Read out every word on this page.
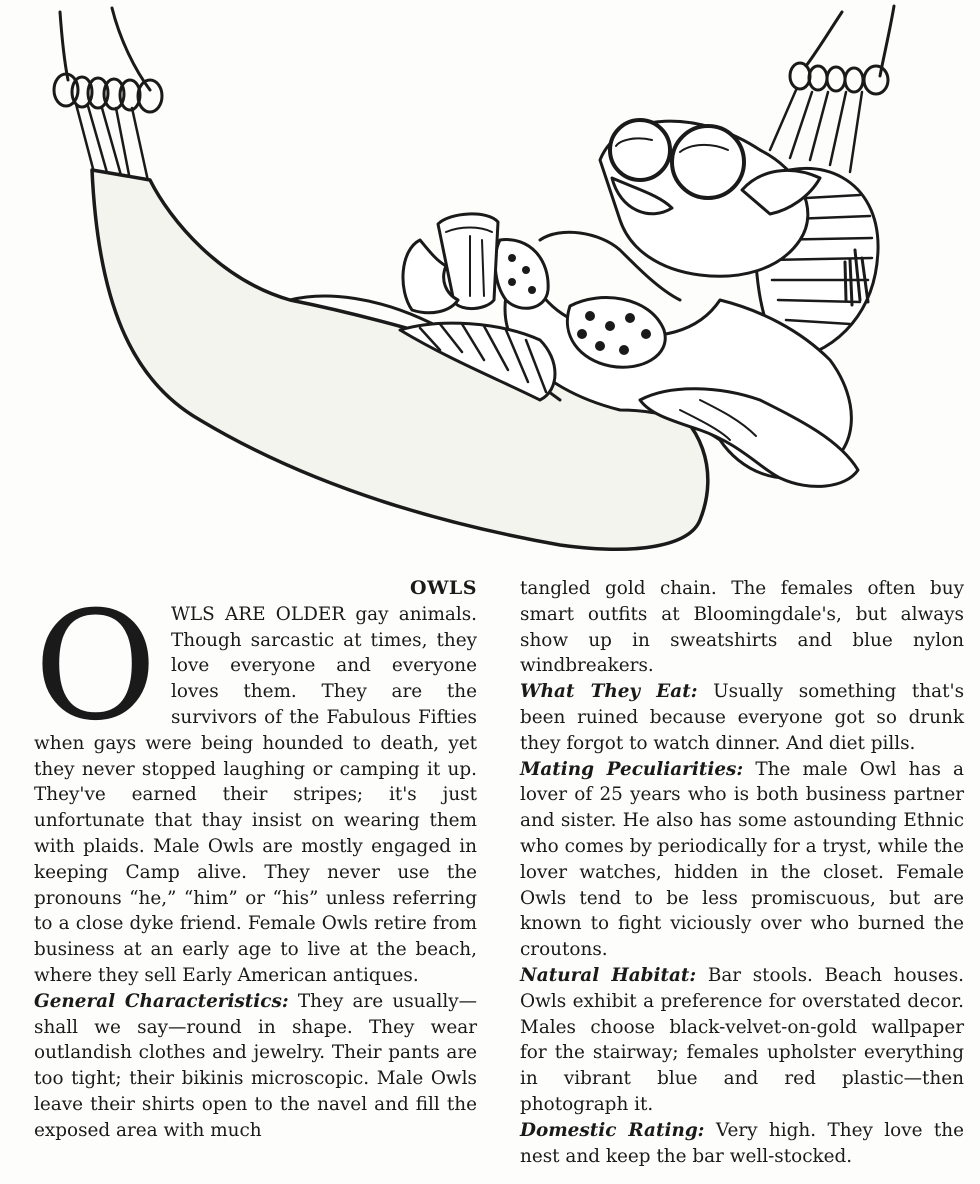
OWLS

OWLS ARE OLDER gay animals. Though sarcastic at times, they love everyone and everyone loves them. They are the survivors of the Fabulous Fifties when gays were being hounded to death, yet they never stopped laughing or camping it up. They've earned their stripes; it's just unfortunate that thay insist on wearing them with plaids. Male Owls are mostly engaged in keeping Camp alive. They never use the pronouns “he,” “him” or “his” unless referring to a close dyke friend. Female Owls retire from business at an early age to live at the beach, where they sell Early American antiques.

General Characteristics: They are usually—shall we say—round in shape. They wear outlandish clothes and jewelry. Their pants are too tight; their bikinis microscopic. Male Owls leave their shirts open to the navel and fill the exposed area with much

tangled gold chain. The females often buy smart outfits at Bloomingdale's, but always show up in sweatshirts and blue nylon windbreakers.

What They Eat: Usually something that's been ruined because everyone got so drunk they forgot to watch dinner. And diet pills.

Mating Peculiarities: The male Owl has a lover of 25 years who is both business partner and sister. He also has some astounding Ethnic who comes by periodically for a tryst, while the lover watches, hidden in the closet. Female Owls tend to be less promiscuous, but are known to fight viciously over who burned the croutons.

Natural Habitat: Bar stools. Beach houses. Owls exhibit a preference for overstated decor. Males choose black-velvet-on-gold wallpaper for the stairway; females upholster everything in vibrant blue and red plastic—then photograph it.

Domestic Rating: Very high. They love the nest and keep the bar well-stocked.
